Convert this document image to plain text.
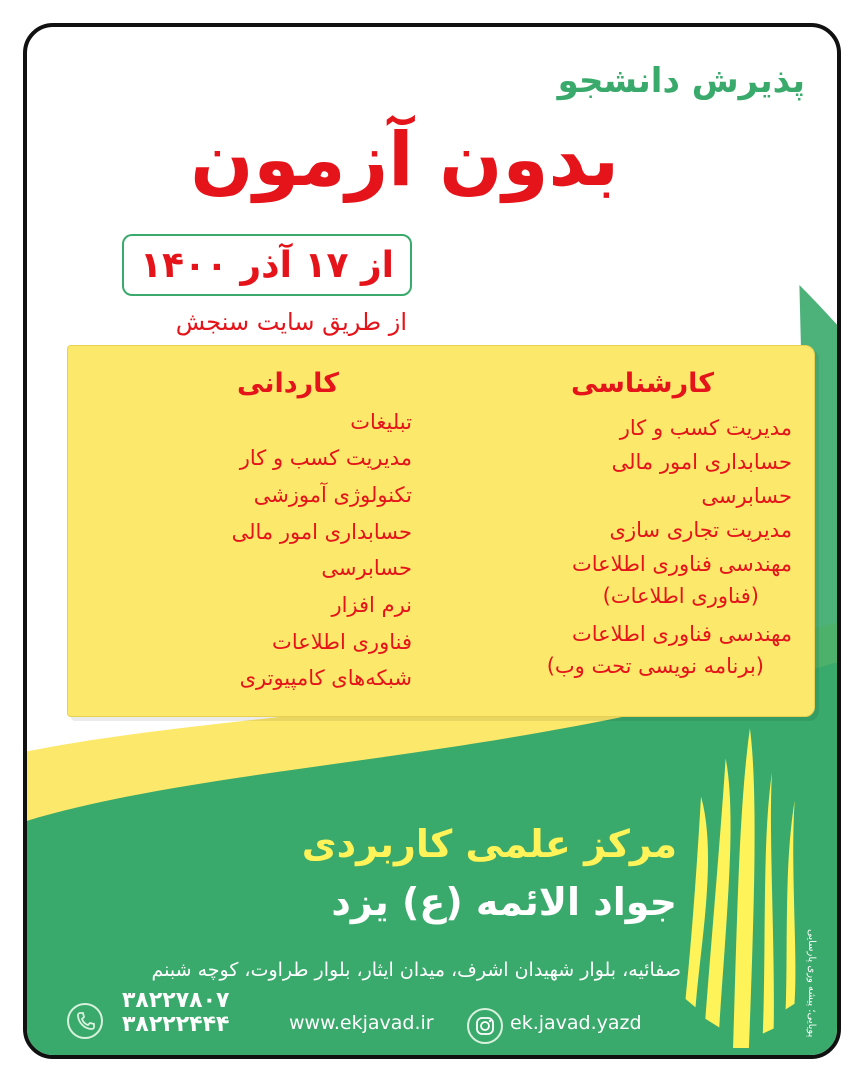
پذیرش دانشجو
بدون آزمون
از ۱۷ آذر ۱۴۰۰
از طریق سایت سنجش
کارشناسی
مدیریت کسب و کار
حسابداری امور مالی
حسابرسی
مدیریت تجاری سازی
مهندسی فناوری اطلاعات
(فناوری اطلاعات)
مهندسی فناوری اطلاعات
(برنامه نویسی تحت وب)
کاردانی
تبلیغات
مدیریت کسب و کار
تکنولوژی آموزشی
حسابداری امور مالی
حسابرسی
نرم افزار
فناوری اطلاعات
شبکه‌های کامپیوتری
مرکز علمی کاربردی
جواد الائمه (ع) یزد
صفائیه، بلوار شهیدان اشرف، میدان ایثار، بلوار طراوت، کوچه شبنم
۳۸۲۲۷۸۰۷
۳۸۲۲۲۴۴۴	www.ekjavad.ir	ek.javad.yazd	پویایی؛ پیشه وری پارسایی
